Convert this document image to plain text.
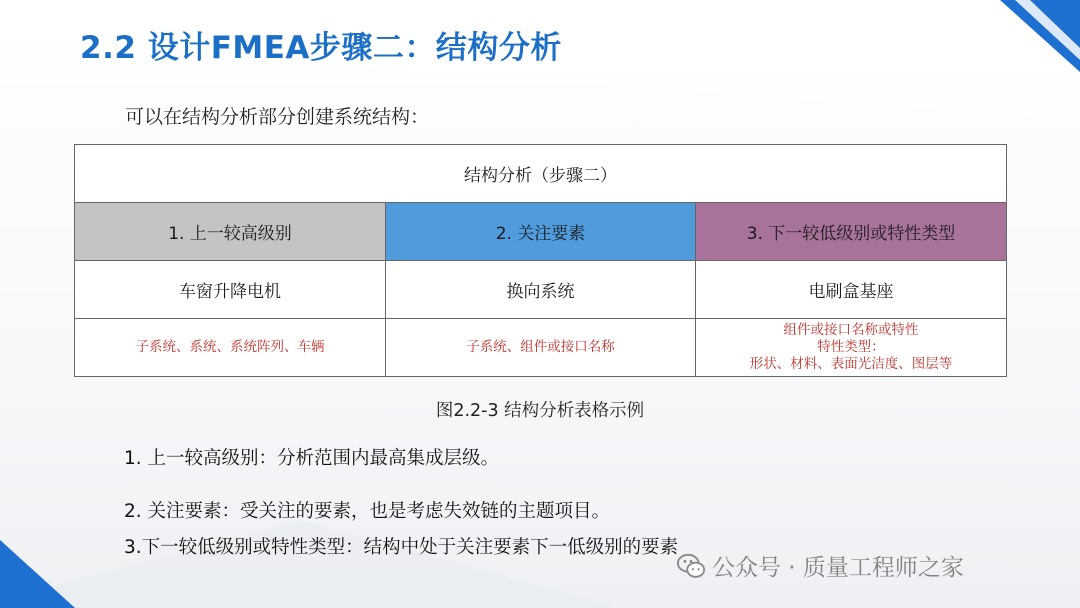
2.2 设计FMEA步骤二：结构分析
可以在结构分析部分创建系统结构：
结构分析（步骤二）		
1. 上一较高级别	2. 关注要素	3. 下一较低级别或特性类型
车窗升降电机	换向系统	电刷盒基座
子系统、系统、系统阵列、车辆	子系统、组件或接口名称	组件或接口名称或特性
特性类型：
形状、材料、表面光洁度、图层等
图2.2-3 结构分析表格示例
1. 上一较高级别：分析范围内最高集成层级。
2. 关注要素：受关注的要素，也是考虑失效链的主题项目。
3.下一较低级别或特性类型：结构中处于关注要素下一低级别的要素
公众号 · 质量工程师之家
